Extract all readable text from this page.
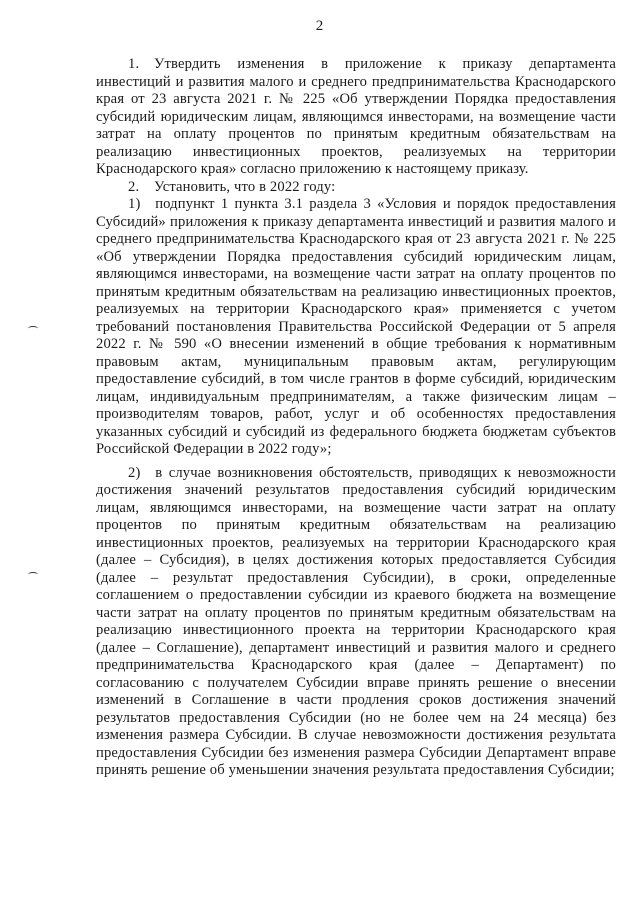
2

1. Утвердить изменения в приложение к приказу департамента инвестиций и развития малого и среднего предпринимательства Краснодарского края от 23 августа 2021 г. № 225 «Об утверждении Порядка предоставления субсидий юридическим лицам, являющимся инвесторами, на возмещение части затрат на оплату процентов по принятым кредитным обязательствам на реализацию инвестиционных проектов, реализуемых на территории Краснодарского края» согласно приложению к настоящему приказу.

2. Установить, что в 2022 году:

1) подпункт 1 пункта 3.1 раздела 3 «Условия и порядок предоставления Субсидий» приложения к приказу департамента инвестиций и развития малого и среднего предпринимательства Краснодарского края от 23 августа 2021 г. № 225 «Об утверждении Порядка предоставления субсидий юридическим лицам, являющимся инвесторами, на возмещение части затрат на оплату процентов по принятым кредитным обязательствам на реализацию инвестиционных проектов, реализуемых на территории Краснодарского края» применяется с учетом требований постановления Правительства Российской Федерации от 5 апреля 2022 г. № 590 «О внесении изменений в общие требования к нормативным правовым актам, муниципальным правовым актам, регулирующим предоставление субсидий, в том числе грантов в форме субсидий, юридическим лицам, индивидуальным предпринимателям, а также физическим лицам – производителям товаров, работ, услуг и об особенностях предоставления указанных субсидий и субсидий из федерального бюджета бюджетам субъектов Российской Федерации в 2022 году»;

2) в случае возникновения обстоятельств, приводящих к невозможности достижения значений результатов предоставления субсидий юридическим лицам, являющимся инвесторами, на возмещение части затрат на оплату процентов по принятым кредитным обязательствам на реализацию инвестиционных проектов, реализуемых на территории Краснодарского края (далее – Субсидия), в целях достижения которых предоставляется Субсидия (далее – результат предоставления Субсидии), в сроки, определенные соглашением о предоставлении субсидии из краевого бюджета на возмещение части затрат на оплату процентов по принятым кредитным обязательствам на реализацию инвестиционного проекта на территории Краснодарского края (далее – Соглашение), департамент инвестиций и развития малого и среднего предпринимательства Краснодарского края (далее – Департамент) по согласованию с получателем Субсидии вправе принять решение о внесении изменений в Соглашение в части продления сроков достижения значений результатов предоставления Субсидии (но не более чем на 24 месяца) без изменения размера Субсидии. В случае невозможности достижения результата предоставления Субсидии без изменения размера Субсидии Департамент вправе принять решение об уменьшении значения результата предоставления Субсидии;
